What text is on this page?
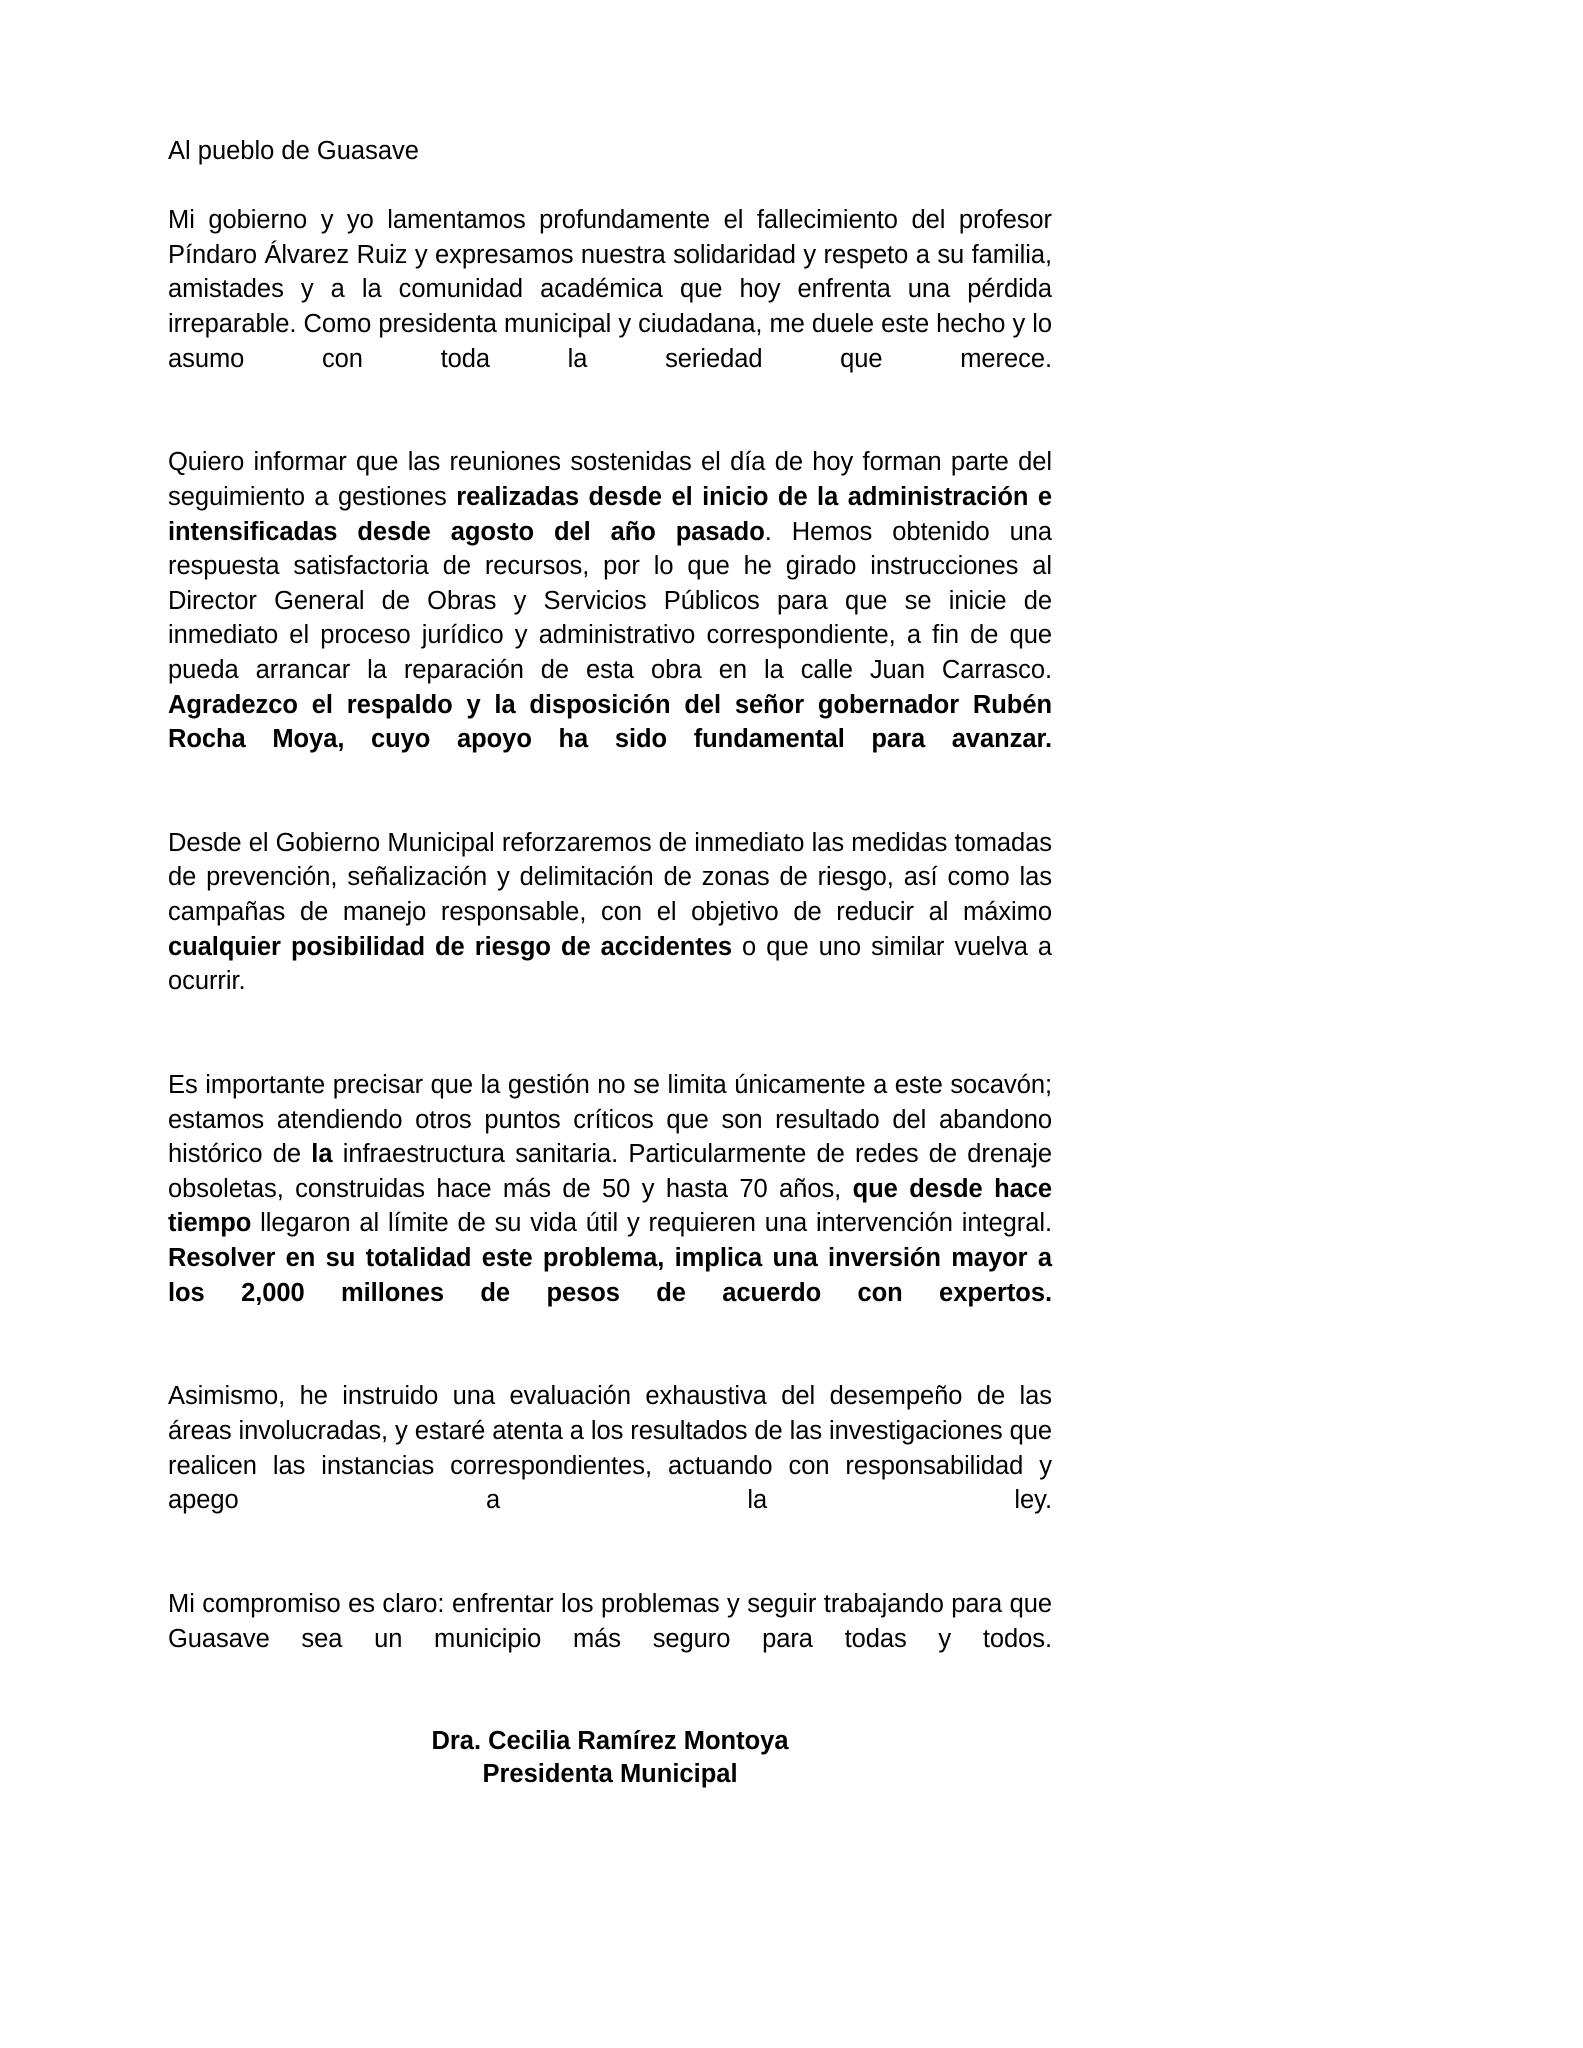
Al pueblo de Guasave

Mi gobierno y yo lamentamos profundamente el fallecimiento del profesor Píndaro Álvarez Ruiz y expresamos nuestra solidaridad y respeto a su familia, amistades y a la comunidad académica que hoy enfrenta una pérdida irreparable. Como presidenta municipal y ciudadana, me duele este hecho y lo asumo con toda la seriedad que merece.

Quiero informar que las reuniones sostenidas el día de hoy forman parte del seguimiento a gestiones realizadas desde el inicio de la administración e intensificadas desde agosto del año pasado. Hemos obtenido una respuesta satisfactoria de recursos, por lo que he girado instrucciones al Director General de Obras y Servicios Públicos para que se inicie de inmediato el proceso jurídico y administrativo correspondiente, a fin de que pueda arrancar la reparación de esta obra en la calle Juan Carrasco. Agradezco el respaldo y la disposición del señor gobernador Rubén Rocha Moya, cuyo apoyo ha sido fundamental para avanzar.

Desde el Gobierno Municipal reforzaremos de inmediato las medidas tomadas de prevención, señalización y delimitación de zonas de riesgo, así como las campañas de manejo responsable, con el objetivo de reducir al máximo cualquier posibilidad de riesgo de accidentes o que uno similar vuelva a ocurrir.

Es importante precisar que la gestión no se limita únicamente a este socavón; estamos atendiendo otros puntos críticos que son resultado del abandono histórico de la infraestructura sanitaria. Particularmente de redes de drenaje obsoletas, construidas hace más de 50 y hasta 70 años, que desde hace tiempo llegaron al límite de su vida útil y requieren una intervención integral. Resolver en su totalidad este problema, implica una inversión mayor a los 2,000 millones de pesos de acuerdo con expertos.

Asimismo, he instruido una evaluación exhaustiva del desempeño de las áreas involucradas, y estaré atenta a los resultados de las investigaciones que realicen las instancias correspondientes, actuando con responsabilidad y apego a la ley.

Mi compromiso es claro: enfrentar los problemas y seguir trabajando para que Guasave sea un municipio más seguro para todas y todos.

Dra. Cecilia Ramírez Montoya
Presidenta Municipal
